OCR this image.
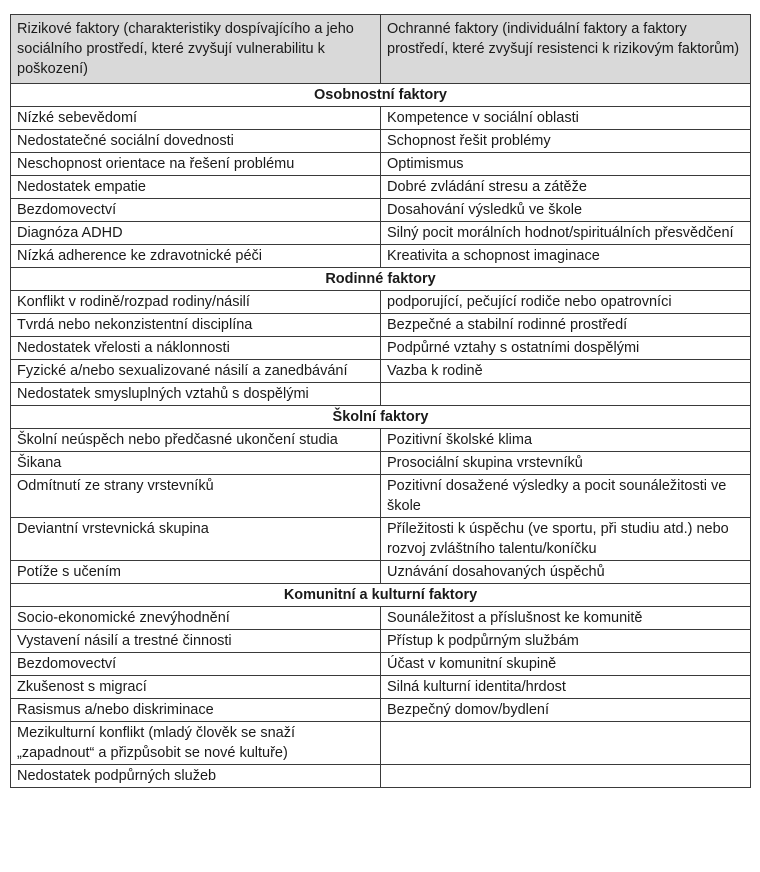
Rizikové faktory (charakteristiky dospívajícího a jeho sociálního prostředí, které zvyšují vulnerabilitu k poškození)	Ochranné faktory (individuální faktory a faktory prostředí, které zvyšují resistenci k rizikovým faktorům)
Osobnostní faktory	
Nízké sebevědomí	Kompetence v sociální oblasti
Nedostatečné sociální dovednosti	Schopnost řešit problémy
Neschopnost orientace na řešení problému	Optimismus
Nedostatek empatie	Dobré zvládání stresu a zátěže
Bezdomovectví	Dosahování výsledků ve škole
Diagnóza ADHD	Silný pocit morálních hodnot/spirituálních přesvědčení
Nízká adherence ke zdravotnické péči	Kreativita a schopnost imaginace
Rodinné faktory	
Konflikt v rodině/rozpad rodiny/násilí	podporující, pečující rodiče nebo opatrovníci
Tvrdá nebo nekonzistentní disciplína	Bezpečné a stabilní rodinné prostředí
Nedostatek vřelosti a náklonnosti	Podpůrné vztahy s ostatními dospělými
Fyzické a/nebo sexualizované násilí a zanedbávání	Vazba k rodině
Nedostatek smysluplných vztahů s dospělými	
Školní faktory	
Školní neúspěch nebo předčasné ukončení studia	Pozitivní školské klima
Šikana	Prosociální skupina vrstevníků
Odmítnutí ze strany vrstevníků	Pozitivní dosažené výsledky a pocit sounáležitosti ve škole
Deviantní vrstevnická skupina	Příležitosti k úspěchu (ve sportu, při studiu atd.) nebo rozvoj zvláštního talentu/koníčku
Potíže s učením	Uznávání dosahovaných úspěchů
Komunitní a kulturní faktory	
Socio-ekonomické znevýhodnění	Sounáležitost a příslušnost ke komunitě
Vystavení násilí a trestné činnosti	Přístup k podpůrným službám
Bezdomovectví	Účast v komunitní skupině
Zkušenost s migrací	Silná kulturní identita/hrdost
Rasismus a/nebo diskriminace	Bezpečný domov/bydlení
Mezikulturní konflikt (mladý člověk se snaží „zapadnout“ a přizpůsobit se nové kultuře)	
Nedostatek podpůrných služeb	
